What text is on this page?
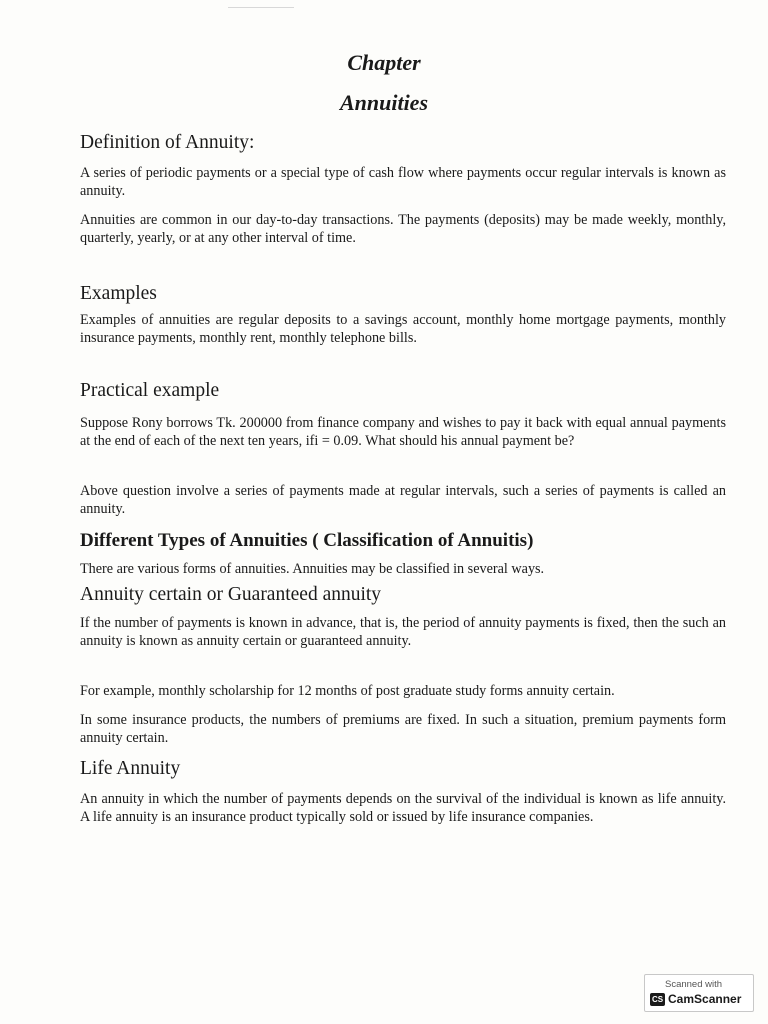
Chapter
Annuities
Definition of Annuity:

A series of periodic payments or a special type of cash flow where payments occur regular intervals is known as annuity.

Annuities are common in our day-to-day transactions. The payments (deposits) may be made weekly, monthly, quarterly, yearly, or at any other interval of time.

Examples

Examples of annuities are regular deposits to a savings account, monthly home mortgage payments, monthly insurance payments, monthly rent, monthly telephone bills.

Practical example

Suppose Rony borrows Tk. 200000 from finance company and wishes to pay it back with equal annual payments at the end of each of the next ten years, ifi = 0.09. What should his annual payment be?

Above question involve a series of payments made at regular intervals, such a series of payments is called an annuity.

Different Types of Annuities ( Classification of Annuitis)

There are various forms of annuities. Annuities may be classified in several ways.

Annuity certain or Guaranteed annuity

If the number of payments is known in advance, that is, the period of annuity payments is fixed, then the such an annuity is known as annuity certain or guaranteed annuity.

For example, monthly scholarship for 12 months of post graduate study forms annuity certain.

In some insurance products, the numbers of premiums are fixed. In such a situation, premium payments form annuity certain.

Life Annuity

An annuity in which the number of payments depends on the survival of the individual is known as life annuity. A life annuity is an insurance product typically sold or issued by life insurance companies.

Scanned with
CS CamScanner
